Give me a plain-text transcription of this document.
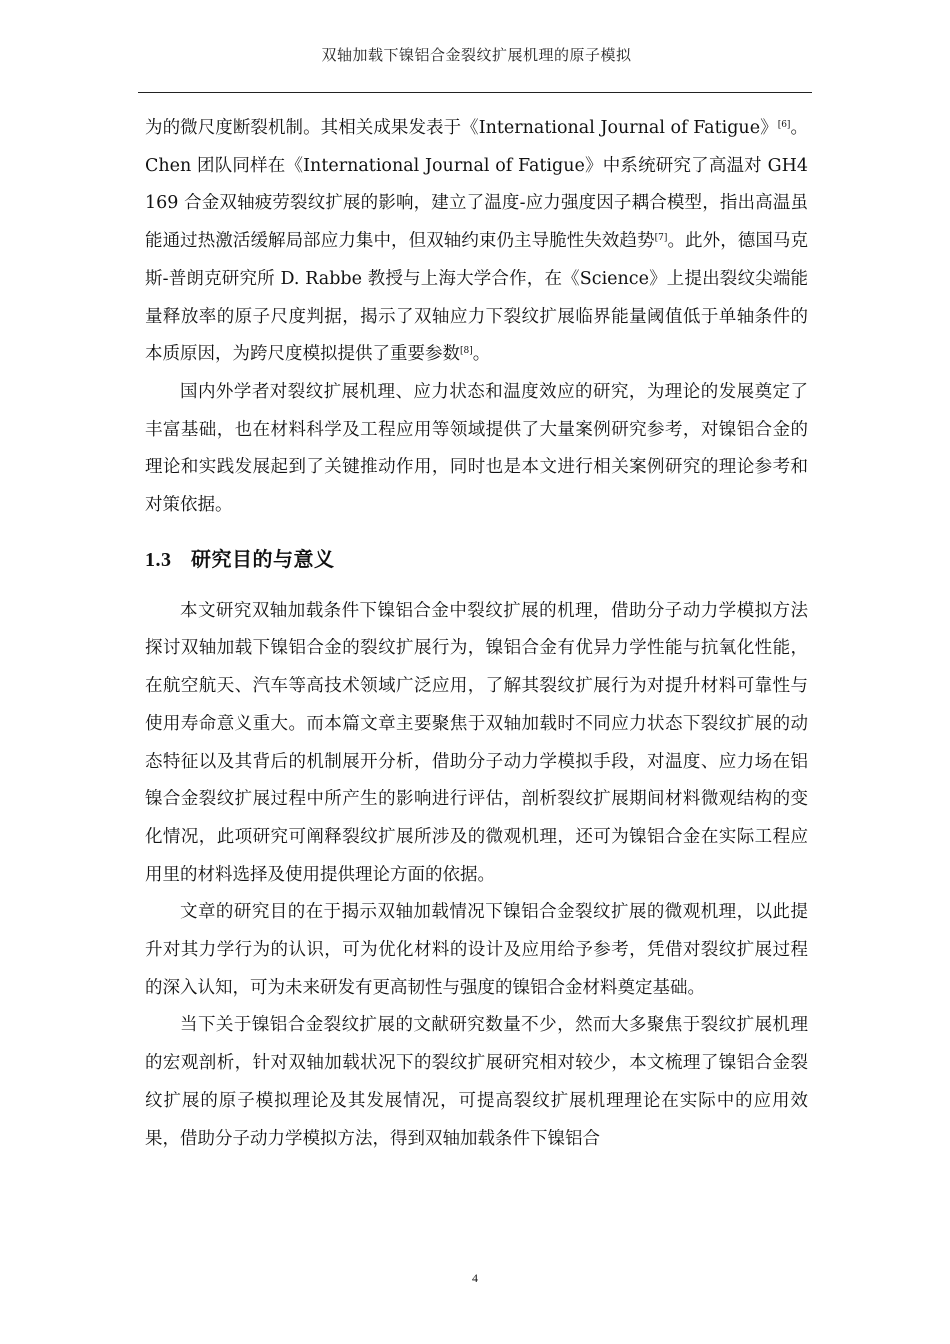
双轴加载下镍铝合金裂纹扩展机理的原子模拟

为的微尺度断裂机制。其相关成果发表于《International Journal of Fatigue》[6]。Chen 团队同样在《International Journal of Fatigue》中系统研究了高温对 GH4169 合金双轴疲劳裂纹扩展的影响，建立了温度-应力强度因子耦合模型，指出高温虽能通过热激活缓解局部应力集中，但双轴约束仍主导脆性失效趋势[7]。此外，德国马克斯-普朗克研究所 D. Rabbe 教授与上海大学合作，在《Science》上提出裂纹尖端能量释放率的原子尺度判据，揭示了双轴应力下裂纹扩展临界能量阈值低于单轴条件的本质原因，为跨尺度模拟提供了重要参数[8]。

国内外学者对裂纹扩展机理、应力状态和温度效应的研究，为理论的发展奠定了丰富基础，也在材料科学及工程应用等领域提供了大量案例研究参考，对镍铝合金的理论和实践发展起到了关键推动作用，同时也是本文进行相关案例研究的理论参考和对策依据。

1.3 研究目的与意义

本文研究双轴加载条件下镍铝合金中裂纹扩展的机理，借助分子动力学模拟方法探讨双轴加载下镍铝合金的裂纹扩展行为，镍铝合金有优异力学性能与抗氧化性能，在航空航天、汽车等高技术领域广泛应用，了解其裂纹扩展行为对提升材料可靠性与使用寿命意义重大。而本篇文章主要聚焦于双轴加载时不同应力状态下裂纹扩展的动态特征以及其背后的机制展开分析，借助分子动力学模拟手段，对温度、应力场在铝镍合金裂纹扩展过程中所产生的影响进行评估，剖析裂纹扩展期间材料微观结构的变化情况，此项研究可阐释裂纹扩展所涉及的微观机理，还可为镍铝合金在实际工程应用里的材料选择及使用提供理论方面的依据。

文章的研究目的在于揭示双轴加载情况下镍铝合金裂纹扩展的微观机理，以此提升对其力学行为的认识，可为优化材料的设计及应用给予参考，凭借对裂纹扩展过程的深入认知，可为未来研发有更高韧性与强度的镍铝合金材料奠定基础。

当下关于镍铝合金裂纹扩展的文献研究数量不少，然而大多聚焦于裂纹扩展机理的宏观剖析，针对双轴加载状况下的裂纹扩展研究相对较少，本文梳理了镍铝合金裂纹扩展的原子模拟理论及其发展情况，可提高裂纹扩展机理理论在实际中的应用效果，借助分子动力学模拟方法，得到双轴加载条件下镍铝合

4
